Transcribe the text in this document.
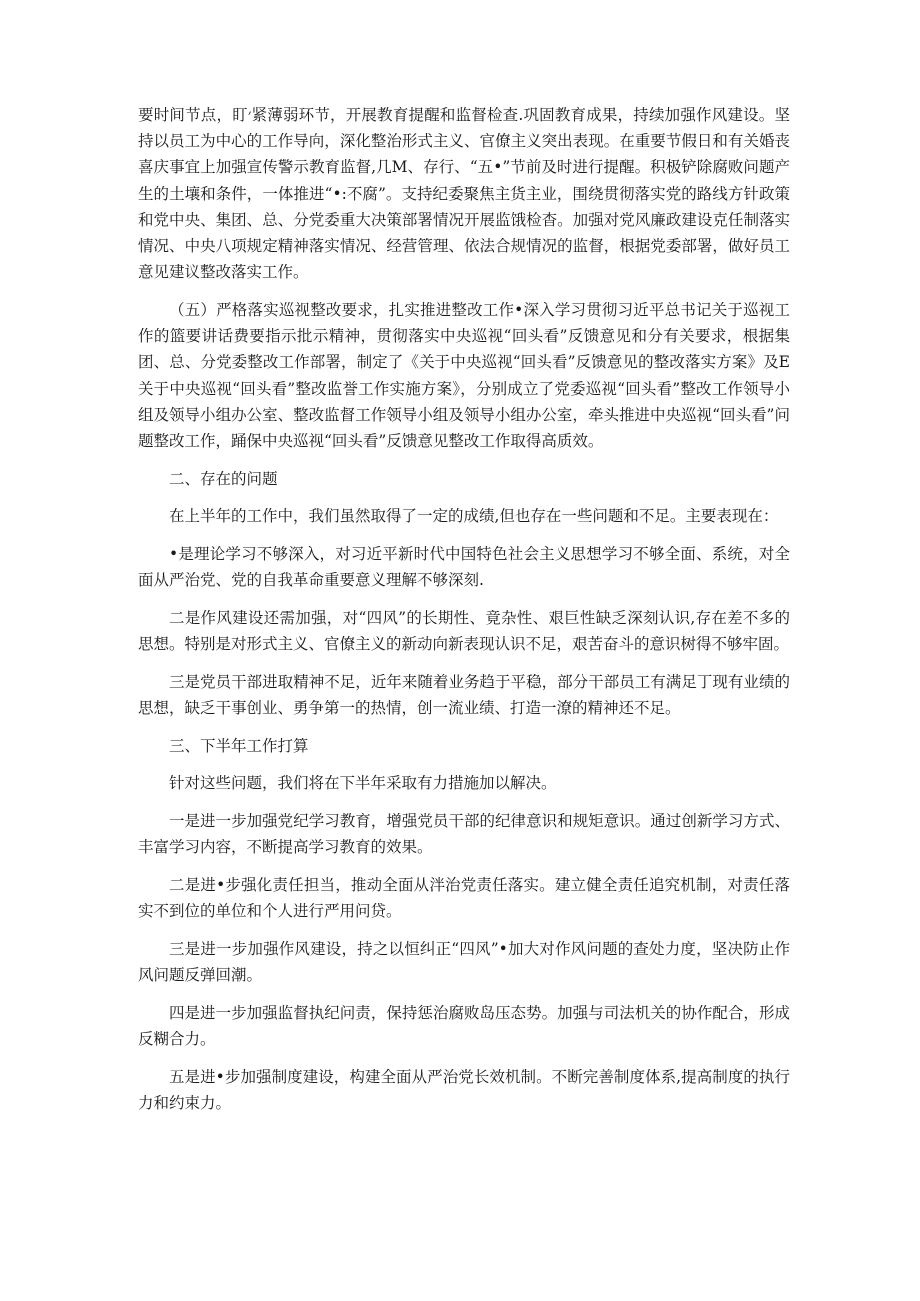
要时间节点，盯׳紧薄弱环节，开展教育提醒和监督检查.巩固教育成果，持续加强作风建设。坚持以员工为中心的工作导向，深化整治形式主义、官僚主义突出表现。在重要节假日和有关婚丧喜庆事宜上加强宣传警示教育监督,几M、存行、“五•”节前及时进行提醒。积极铲除腐败问题产生的土壤和条件，一体推进“•:不腐”。支持纪委聚焦主货主业，围绕贯彻落实党的路线方针政策和党中央、集团、总、分党委重大决策部署情况开展监饿检杳。加强对党风廉政建设克任制落实情况、中央八项规定精神落实情况、经营管理、依法合规情况的监督，根据党委部署，做好员工意见建议整改落实工作。

（五）严格落实巡视整改要求，扎实推进整改工作•深入学习贯彻习近平总书记关于巡视工作的篮要讲话费要指示批示精神，贯彻落实中央巡视“回头看”反馈意见和分有关要求，根据集团、总、分党委整改工作部署，制定了《关于中央巡视“回头看”反馈意见的整改落实方案》及E关于中央巡视“回头看”整改监誉工作实施方案》，分别成立了党委巡视“回头看”整改工作领导小组及领导小组办公室、整改监督工作领导小组及领导小组办公室，牵头推进中央巡视“回头看”问题整改工作，踊保中央巡视“回头看”反馈意见整改工作取得高质效。

二、存在的问题

在上半年的工作中，我们虽然取得了一定的成绩,但也存在一些问题和不足。主要表现在：

•是理论学习不够深入，对习近平新时代中国特色社会主义思想学习不够全面、系统，对全面从严治党、党的自我革命重要意义理解不够深刻.

二是作风建设还需加强，对“四风”的长期性、竟杂性、艰巨性缺乏深刻认识,存在差不多的思想。特别是对形式主义、官僚主义的新动向新表现认识不足，艰苦奋斗的意识树得不够牢固。

三是党员干部进取精神不足，近年来随着业务趋于平稳，部分干部员工有满足丁现有业绩的思想，缺乏干事创业、勇争第一的热情，创一流业绩、打造一潦的精神还不足。

三、下半年工作打算

针对这些问题，我们将在下半年采取有力措施加以解决。

一是进一步加强党纪学习教育，增强党员干部的纪律意识和规矩意识。通过创新学习方式、丰富学习内容，不断提高学习教育的效果。

二是进•步强化责任担当，推动全面从泮治党责任落实。建立健全责任追究机制，对责任落实不到位的单位和个人进行严用问贷。

三是进一步加强作风建设，持之以恒纠正“四风”•加大对作风问题的查处力度，坚决防止作风问题反弹回潮。

四是进一步加强监督执纪问责，保持惩治腐败岛压态势。加强与司法机关的协作配合，形成反糊合力。

五是进•步加强制度建设，构建全面从严治党长效机制。不断完善制度体系,提高制度的执行力和约束力。
